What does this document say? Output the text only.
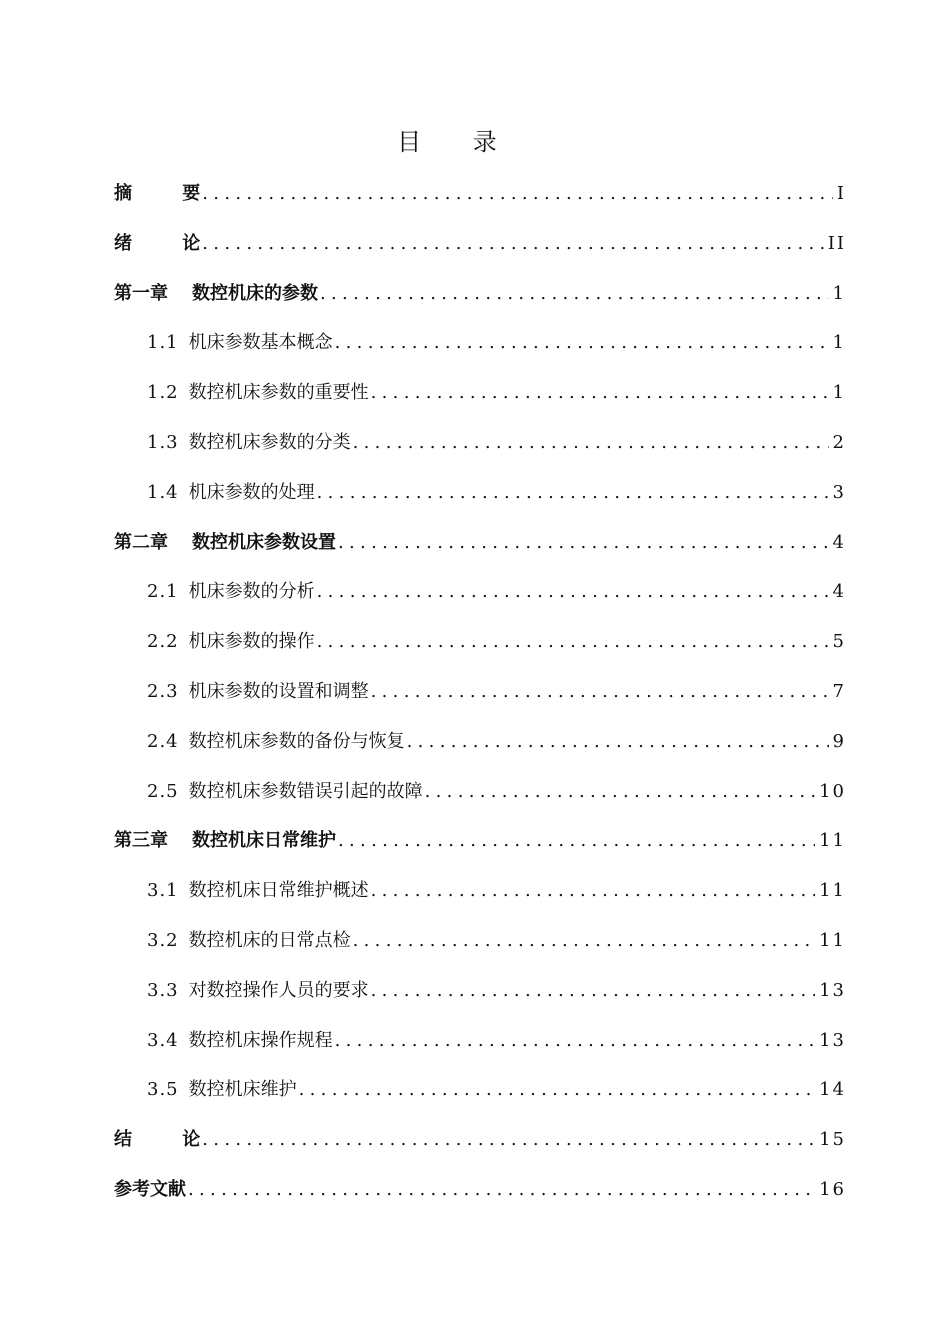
目 录
摘 要 .....	I
绪 论 .....	II
第一章 数控机床的参数 .....	1
1.1 机床参数基本概念 .....	1
1.2 数控机床参数的重要性 .....	1
1.3 数控机床参数的分类 .....	2
1.4 机床参数的处理 .....	3
第二章 数控机床参数设置 .....	4
2.1 机床参数的分析 .....	4
2.2 机床参数的操作 .....	5
2.3 机床参数的设置和调整 .....	7
2.4 数控机床参数的备份与恢复 .....	9
2.5 数控机床参数错误引起的故障 .....	10
第三章 数控机床日常维护 .....	11
3.1 数控机床日常维护概述 .....	11
3.2 数控机床的日常点检 .....	11
3.3 对数控操作人员的要求 .....	13
3.4 数控机床操作规程 .....	13
3.5 数控机床维护 .....	14
结 论 .....	15
参考文献 .....	16
